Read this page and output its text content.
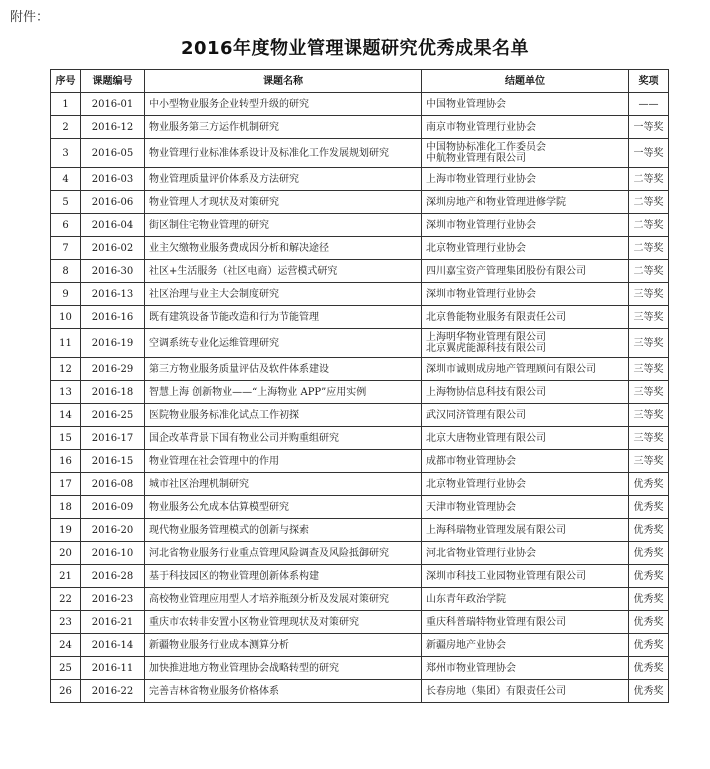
附件：
2016年度物业管理课题研究优秀成果名单
序号	课题编号	课题名称	结题单位	奖项
1	2016-01	中小型物业服务企业转型升级的研究	中国物业管理协会	——
2	2016-12	物业服务第三方运作机制研究	南京市物业管理行业协会	一等奖
3	2016-05	物业管理行业标准体系设计及标准化工作发展规划研究	中国物协标准化工作委员会
中航物业管理有限公司	一等奖
4	2016-03	物业管理质量评价体系及方法研究	上海市物业管理行业协会	二等奖
5	2016-06	物业管理人才现状及对策研究	深圳房地产和物业管理进修学院	二等奖
6	2016-04	街区制住宅物业管理的研究	深圳市物业管理行业协会	二等奖
7	2016-02	业主欠缴物业服务费成因分析和解决途径	北京物业管理行业协会	二等奖
8	2016-30	社区+生活服务（社区电商）运营模式研究	四川嘉宝资产管理集团股份有限公司	二等奖
9	2016-13	社区治理与业主大会制度研究	深圳市物业管理行业协会	三等奖
10	2016-16	既有建筑设备节能改造和行为节能管理	北京鲁能物业服务有限责任公司	三等奖
11	2016-19	空调系统专业化运维管理研究	上海明华物业管理有限公司
北京翼虎能源科技有限公司	三等奖
12	2016-29	第三方物业服务质量评估及软件体系建设	深圳市诚则成房地产管理顾问有限公司	三等奖
13	2016-18	智慧上海 创新物业——“上海物业 APP”应用实例	上海物协信息科技有限公司	三等奖
14	2016-25	医院物业服务标准化试点工作初探	武汉同济管理有限公司	三等奖
15	2016-17	国企改革背景下国有物业公司并购重组研究	北京大唐物业管理有限公司	三等奖
16	2016-15	物业管理在社会管理中的作用	成都市物业管理协会	三等奖
17	2016-08	城市社区治理机制研究	北京物业管理行业协会	优秀奖
18	2016-09	物业服务公允成本估算模型研究	天津市物业管理协会	优秀奖
19	2016-20	现代物业服务管理模式的创新与探索	上海科瑞物业管理发展有限公司	优秀奖
20	2016-10	河北省物业服务行业重点管理风险调查及风险抵御研究	河北省物业管理行业协会	优秀奖
21	2016-28	基于科技园区的物业管理创新体系构建	深圳市科技工业园物业管理有限公司	优秀奖
22	2016-23	高校物业管理应用型人才培养瓶颈分析及发展对策研究	山东青年政治学院	优秀奖
23	2016-21	重庆市农转非安置小区物业管理现状及对策研究	重庆科普瑞特物业管理有限公司	优秀奖
24	2016-14	新疆物业服务行业成本测算分析	新疆房地产业协会	优秀奖
25	2016-11	加快推进地方物业管理协会战略转型的研究	郑州市物业管理协会	优秀奖
26	2016-22	完善吉林省物业服务价格体系	长春房地（集团）有限责任公司	优秀奖
